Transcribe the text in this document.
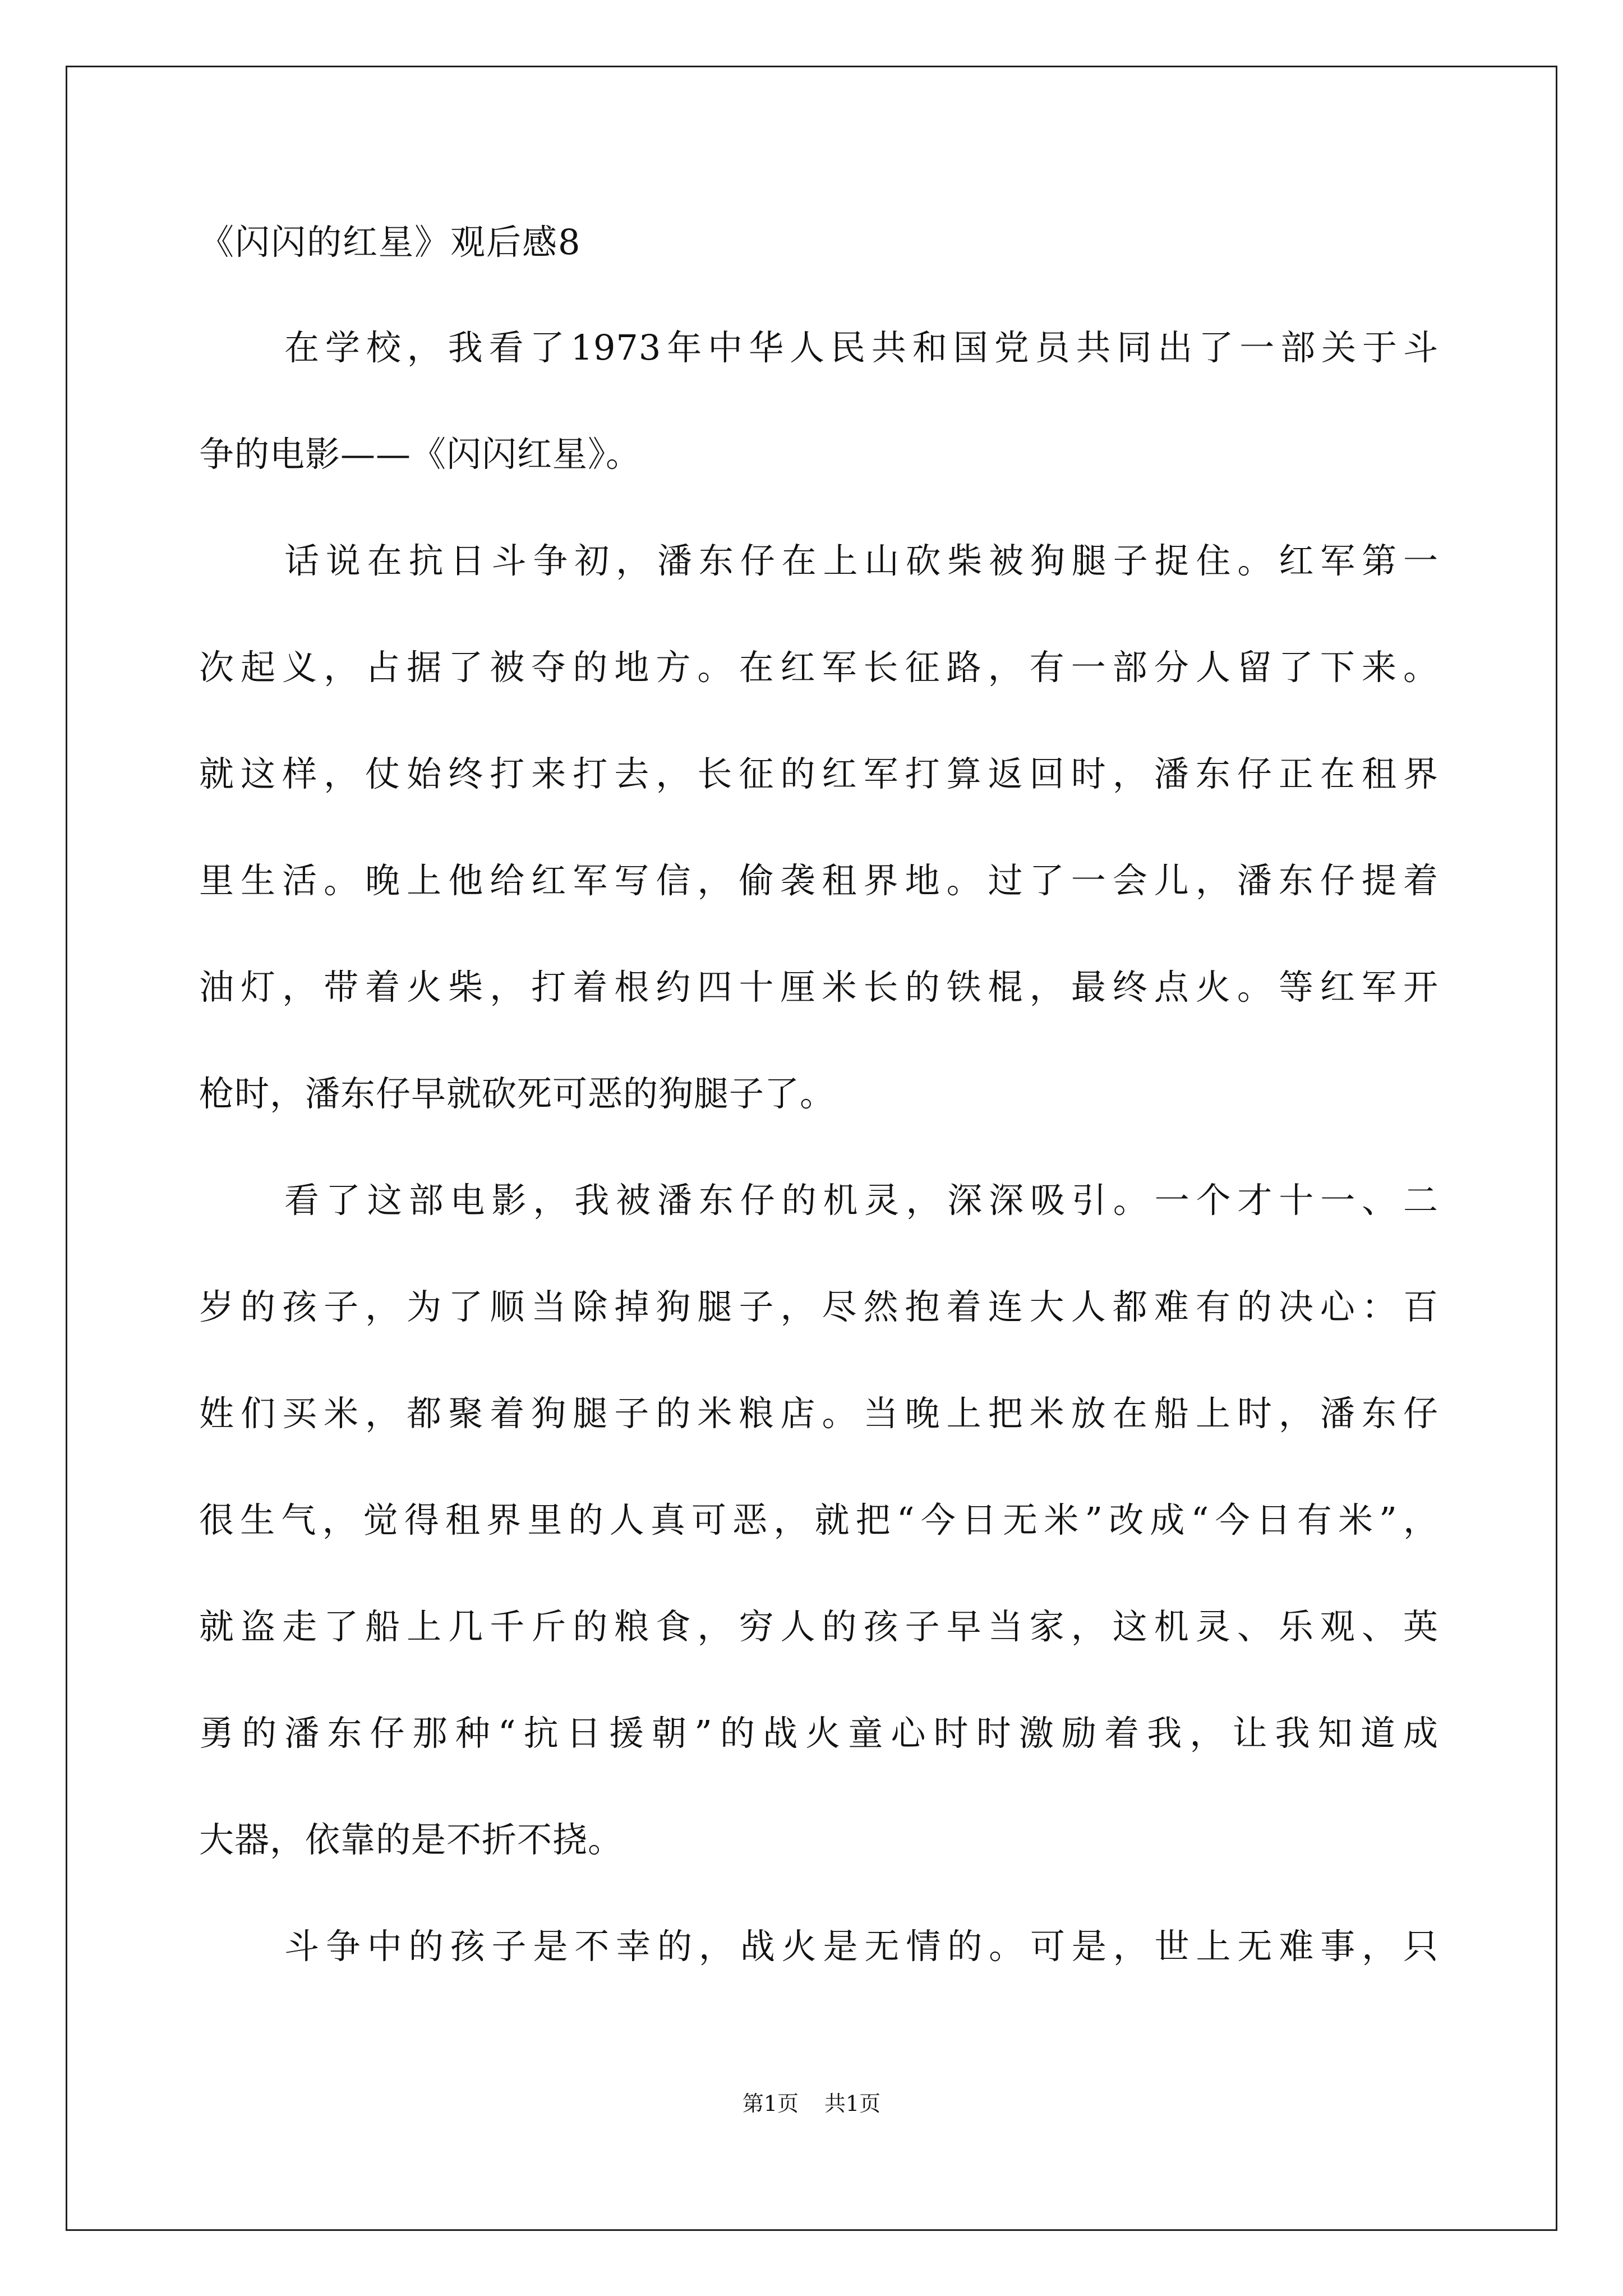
《闪闪的红星》观后感8
在学校，我看了1973年中华人民共和国党员共同出了一部关于斗
争的电影——《闪闪红星》。
话说在抗日斗争初，潘东仔在上山砍柴被狗腿子捉住。红军第一
次起义，占据了被夺的地方。在红军长征路，有一部分人留了下来。
就这样，仗始终打来打去，长征的红军打算返回时，潘东仔正在租界
里生活。晚上他给红军写信，偷袭租界地。过了一会儿，潘东仔提着
油灯，带着火柴，打着根约四十厘米长的铁棍，最终点火。等红军开
枪时，潘东仔早就砍死可恶的狗腿子了。
看了这部电影，我被潘东仔的机灵，深深吸引。一个才十一、二
岁的孩子，为了顺当除掉狗腿子，尽然抱着连大人都难有的决心：百
姓们买米，都聚着狗腿子的米粮店。当晚上把米放在船上时，潘东仔
很生气，觉得租界里的人真可恶，就把“今日无米”改成“今日有米”，
就盗走了船上几千斤的粮食，穷人的孩子早当家，这机灵、乐观、英
勇的潘东仔那种“抗日援朝”的战火童心时时激励着我，让我知道成
大器，依靠的是不折不挠。
斗争中的孩子是不幸的，战火是无情的。可是，世上无难事，只
第1页 共1页
